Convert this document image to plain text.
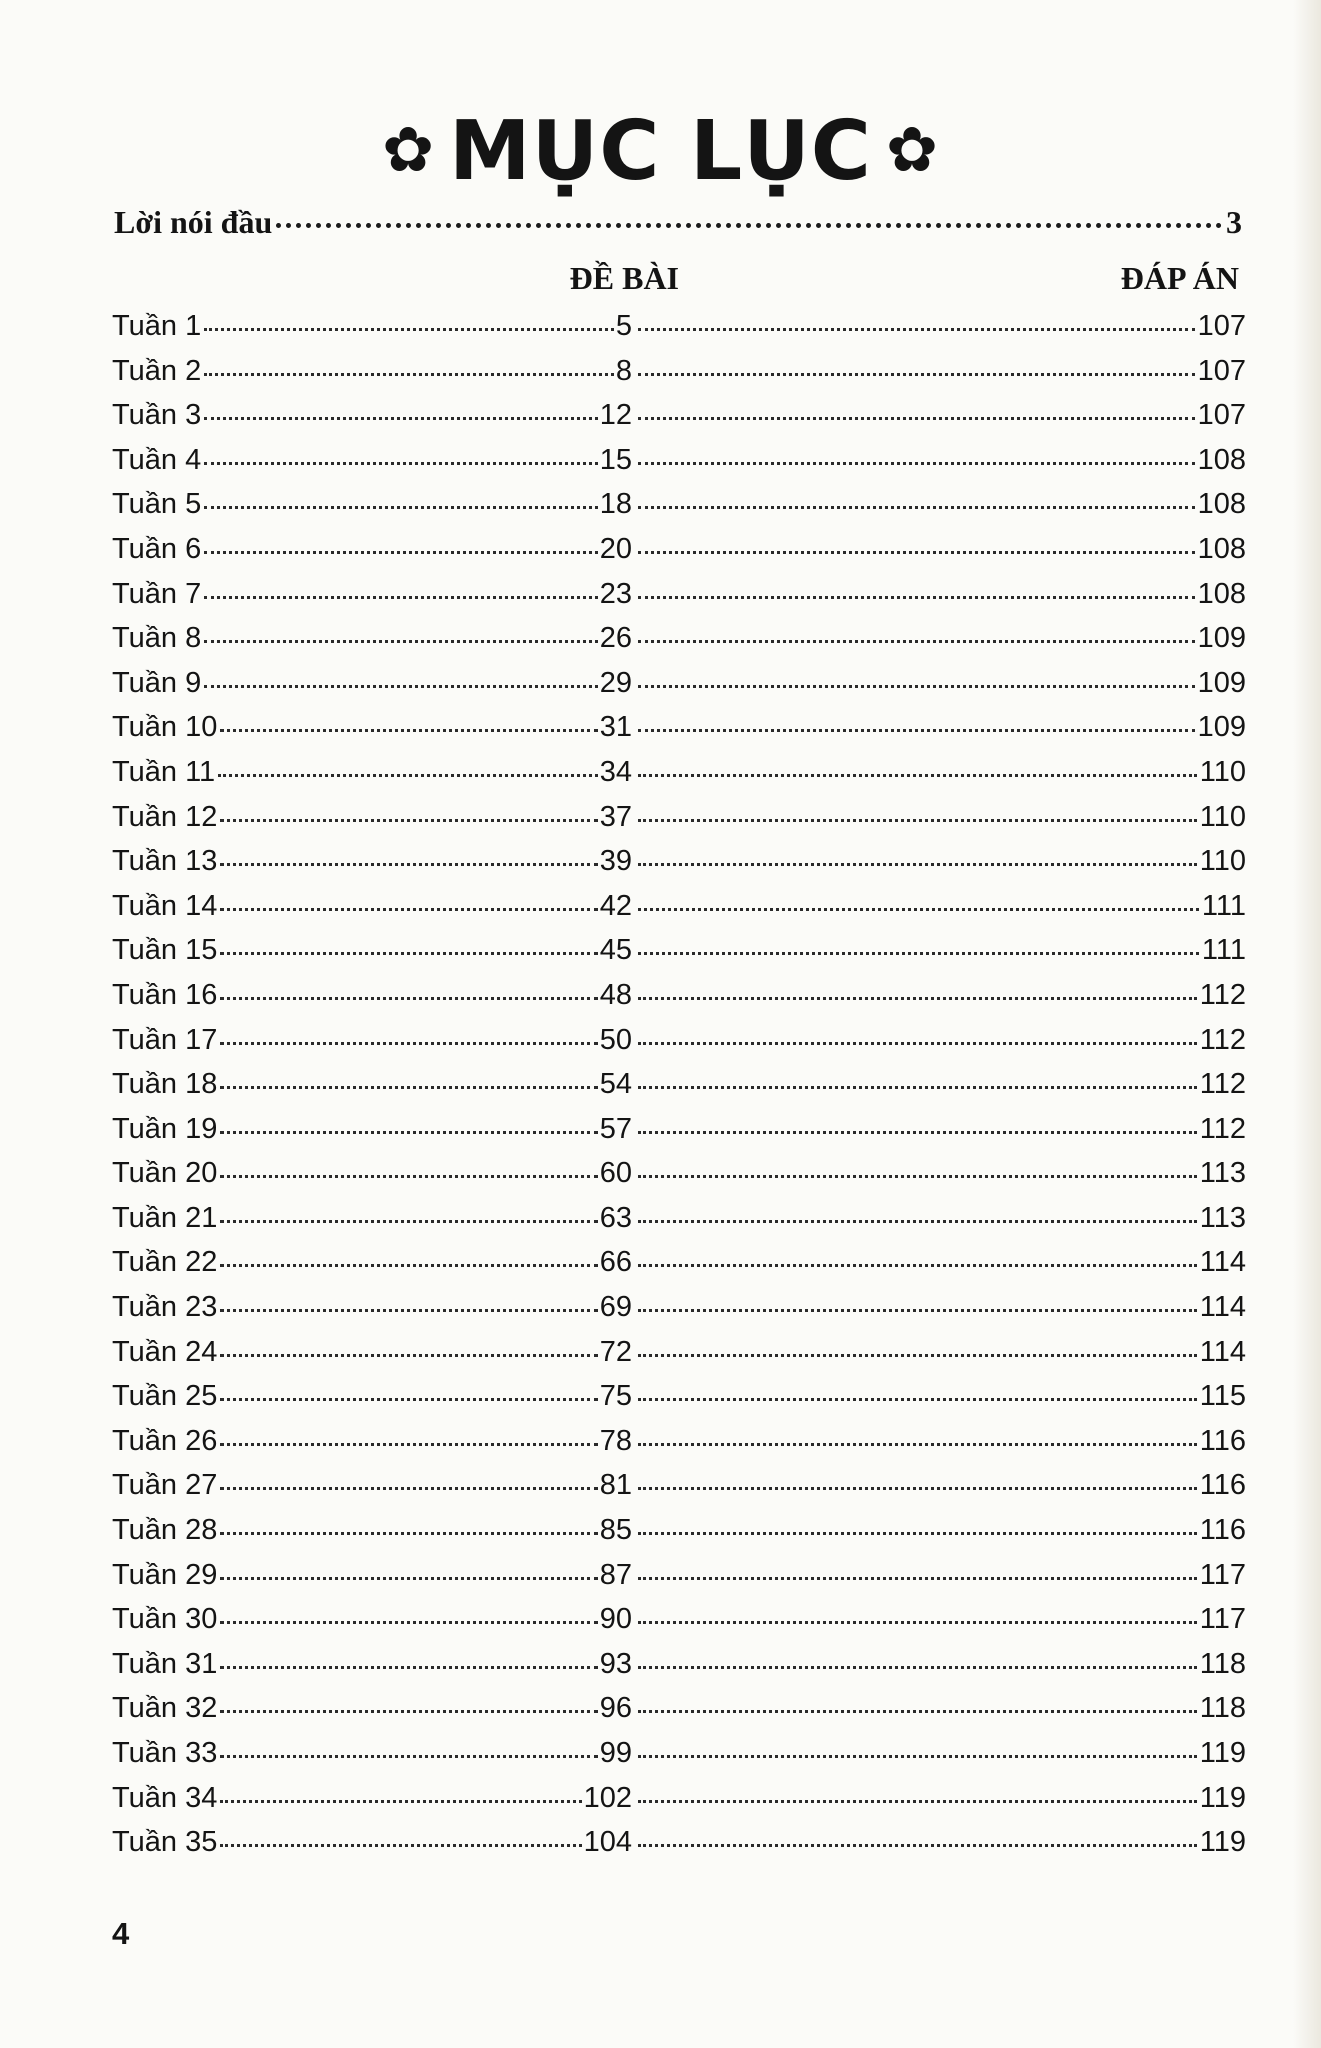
✿ MỤC LỤC ✿
Lời nói đầu	3
ĐỀ BÀI	ĐÁP ÁN
Tuần 1	5	107
Tuần 2	8	107
Tuần 3	12	107
Tuần 4	15	108
Tuần 5	18	108
Tuần 6	20	108
Tuần 7	23	108
Tuần 8	26	109
Tuần 9	29	109
Tuần 10	31	109
Tuần 11	34	110
Tuần 12	37	110
Tuần 13	39	110
Tuần 14	42	111
Tuần 15	45	111
Tuần 16	48	112
Tuần 17	50	112
Tuần 18	54	112
Tuần 19	57	112
Tuần 20	60	113
Tuần 21	63	113
Tuần 22	66	114
Tuần 23	69	114
Tuần 24	72	114
Tuần 25	75	115
Tuần 26	78	116
Tuần 27	81	116
Tuần 28	85	116
Tuần 29	87	117
Tuần 30	90	117
Tuần 31	93	118
Tuần 32	96	118
Tuần 33	99	119
Tuần 34	102	119
Tuần 35	104	119
4
